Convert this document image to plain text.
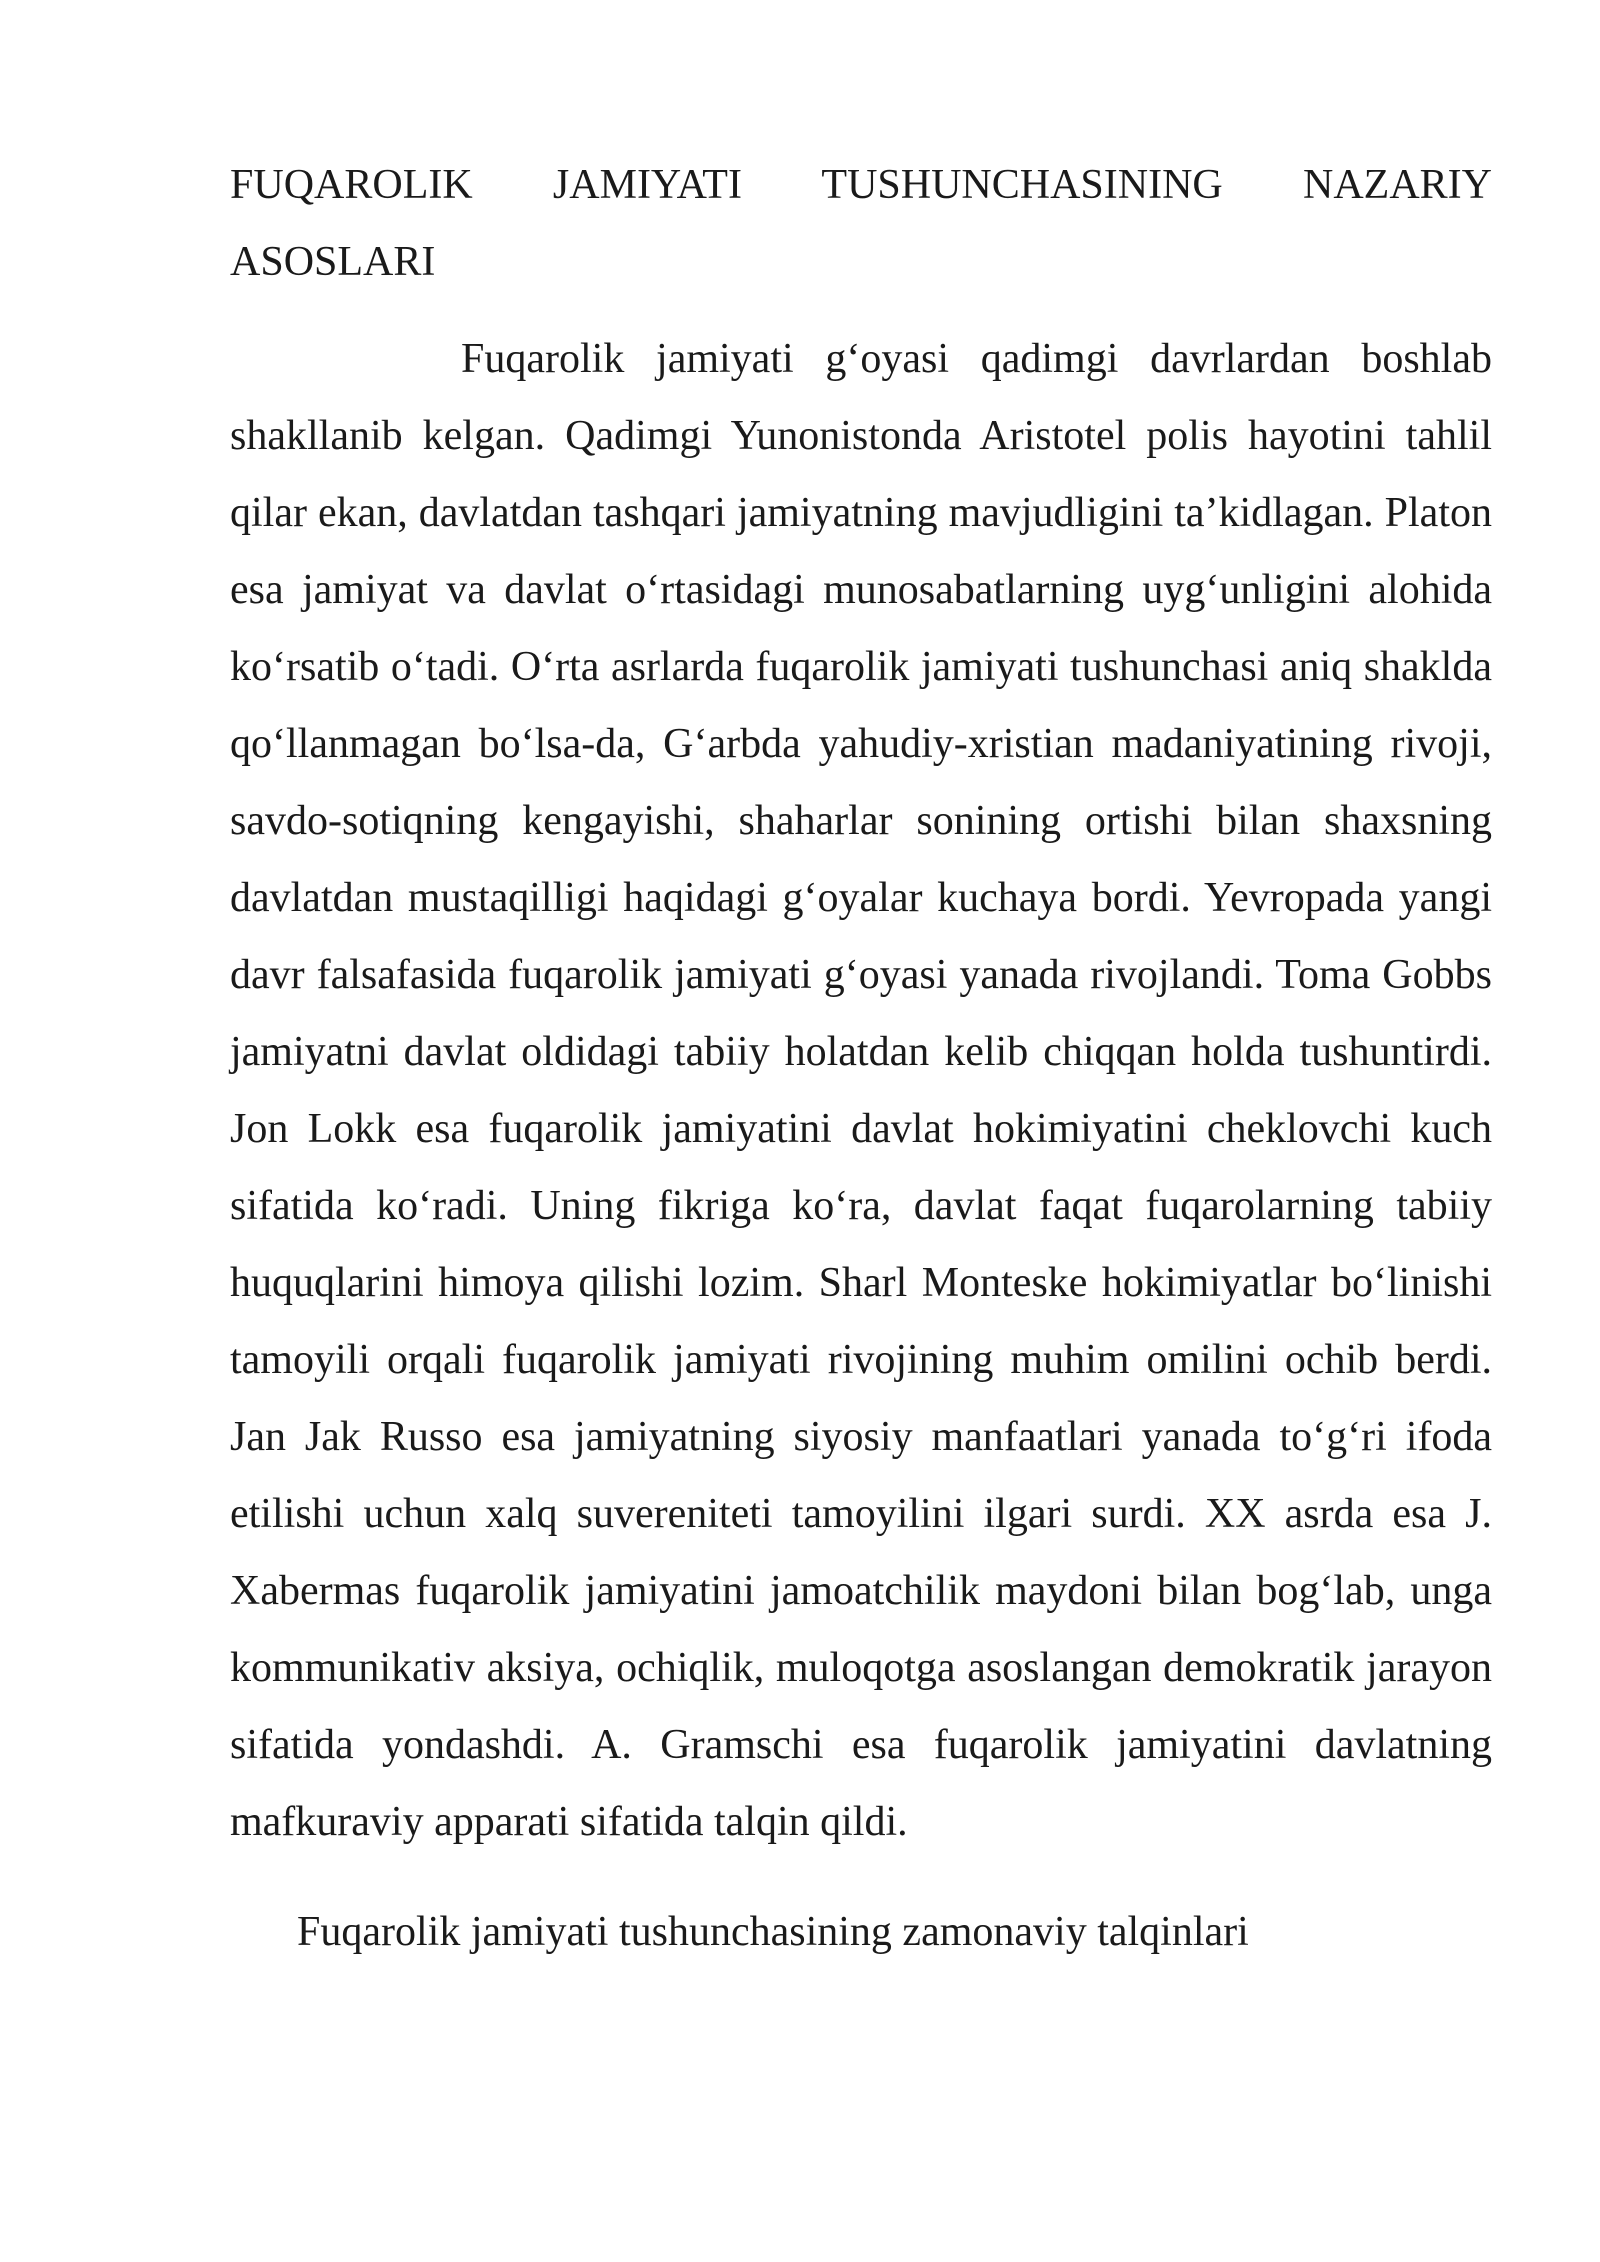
FUQAROLIK JAMIYATI TUSHUNCHASINING NAZARIY ASOSLARI

Fuqarolik jamiyati g‘oyasi qadimgi davrlardan boshlab shakllanib kelgan. Qadimgi Yunonistonda Aristotel polis hayotini tahlil qilar ekan, davlatdan tashqari jamiyatning mavjudligini ta’kidlagan. Platon esa jamiyat va davlat o‘rtasidagi munosabatlarning uyg‘unligini alohida ko‘rsatib o‘tadi. O‘rta asrlarda fuqarolik jamiyati tushunchasi aniq shaklda qo‘llanmagan bo‘lsa-da, G‘arbda yahudiy-xristian madaniyatining rivoji, savdo-sotiqning kengayishi, shaharlar sonining ortishi bilan shaxsning davlatdan mustaqilligi haqidagi g‘oyalar kuchaya bordi. Yevropada yangi davr falsafasida fuqarolik jamiyati g‘oyasi yanada rivojlandi. Toma Gobbs jamiyatni davlat oldidagi tabiiy holatdan kelib chiqqan holda tushuntirdi. Jon Lokk esa fuqarolik jamiyatini davlat hokimiyatini cheklovchi kuch sifatida ko‘radi. Uning fikriga ko‘ra, davlat faqat fuqarolarning tabiiy huquqlarini himoya qilishi lozim. Sharl Monteske hokimiyatlar bo‘linishi tamoyili orqali fuqarolik jamiyati rivojining muhim omilini ochib berdi. Jan Jak Russo esa jamiyatning siyosiy manfaatlari yanada to‘g‘ri ifoda etilishi uchun xalq suvereniteti tamoyilini ilgari surdi. XX asrda esa J. Xabermas fuqarolik jamiyatini jamoatchilik maydoni bilan bog‘lab, unga kommunikativ aksiya, ochiqlik, muloqotga asoslangan demokratik jarayon sifatida yondashdi. A. Gramschi esa fuqarolik jamiyatini davlatning mafkuraviy apparati sifatida talqin qildi.

Fuqarolik jamiyati tushunchasining zamonaviy talqinlari
